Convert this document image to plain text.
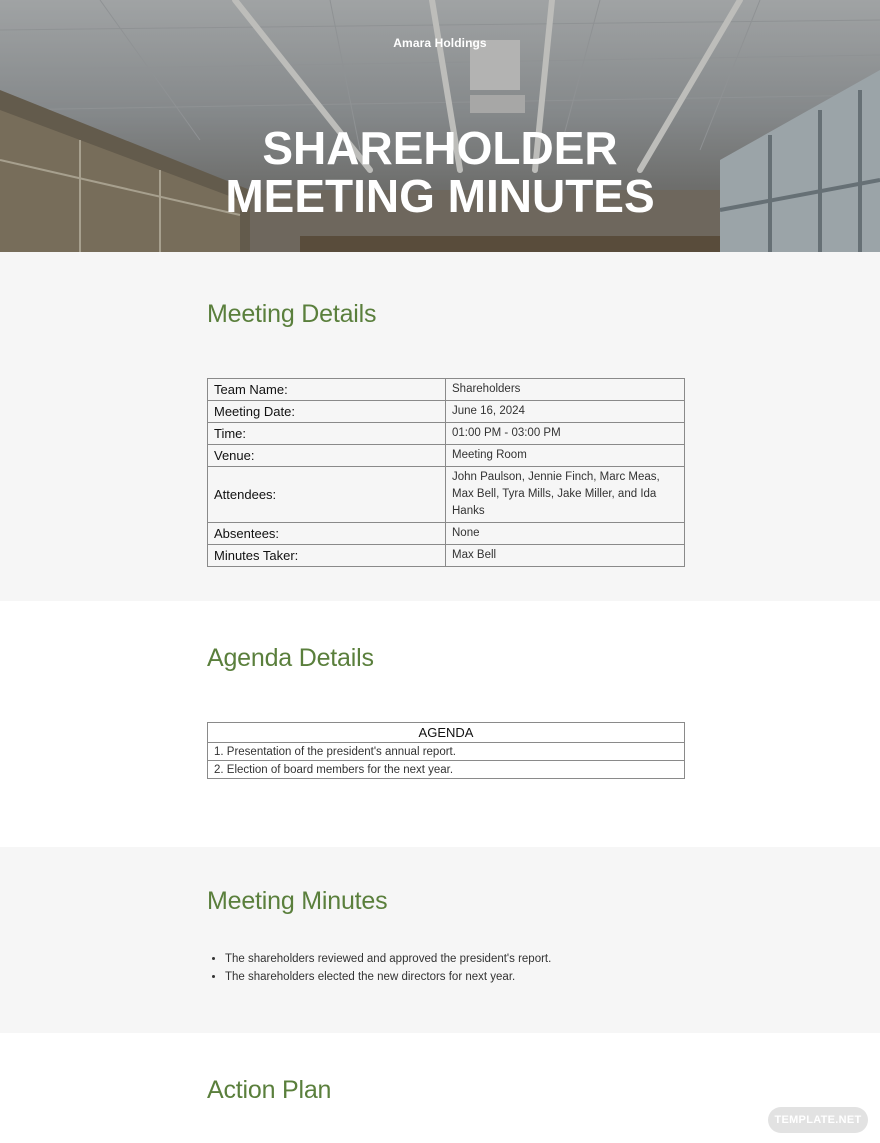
Amara Holdings
SHAREHOLDER
MEETING MINUTES
Meeting Details
Team Name:	Shareholders
Meeting Date:	June 16, 2024
Time:	01:00 PM - 03:00 PM
Venue:	Meeting Room
Attendees:	John Paulson, Jennie Finch, Marc Meas, Max Bell, Tyra Mills, Jake Miller, and Ida Hanks
Absentees:	None
Minutes Taker:	Max Bell
Agenda Details
AGENDA
1. Presentation of the president's annual report.
2. Election of board members for the next year.
Meeting Minutes
• The shareholders reviewed and approved the president's report.
• The shareholders elected the new directors for next year.
Action Plan
TEMPLATE.NET
